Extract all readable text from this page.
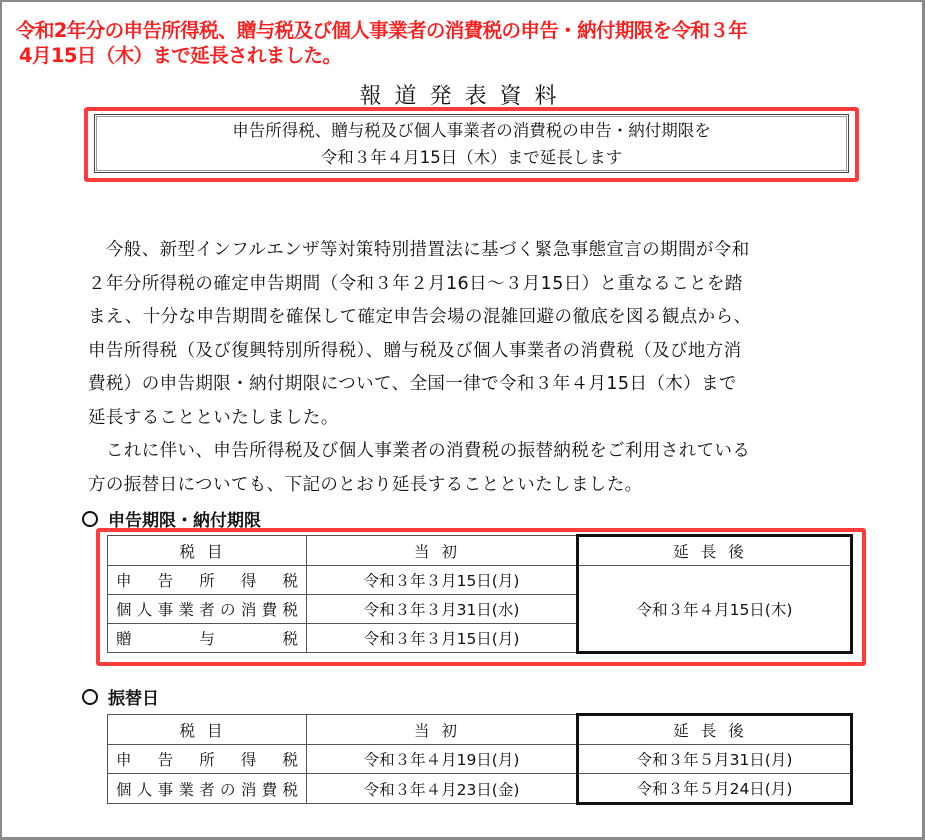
令和2年分の申告所得税、贈与税及び個人事業者の消費税の申告・納付期限を令和３年
4月15日（木）まで延長されました。
報道発表資料
申告所得税、贈与税及び個人事業者の消費税の申告・納付期限を
令和３年４月15日（木）まで延長します

　今般、新型インフルエンザ等対策特別措置法に基づく緊急事態宣言の期間が令和

２年分所得税の確定申告期間（令和３年２月16日～３月15日）と重なることを踏

まえ、十分な申告期間を確保して確定申告会場の混雑回避の徹底を図る観点から、

申告所得税（及び復興特別所得税）、贈与税及び個人事業者の消費税（及び地方消

費税）の申告期限・納付期限について、全国一律で令和３年４月15日（木）まで

延長することといたしました。

　これに伴い、申告所得税及び個人事業者の消費税の振替納税をご利用されている

方の振替日についても、下記のとおり延長することといたしました。

申告期限・納付期限
税目	当初	延長後
申告所得税	令和３年３月15日(月)	令和３年４月15日(木)
個人事業者の消費税	令和３年３月31日(水)	
贈与税	令和３年３月15日(月)	
振替日
税目	当初	延長後
申告所得税	令和３年４月19日(月)	令和３年５月31日(月)
個人事業者の消費税	令和３年４月23日(金)	令和３年５月24日(月)
